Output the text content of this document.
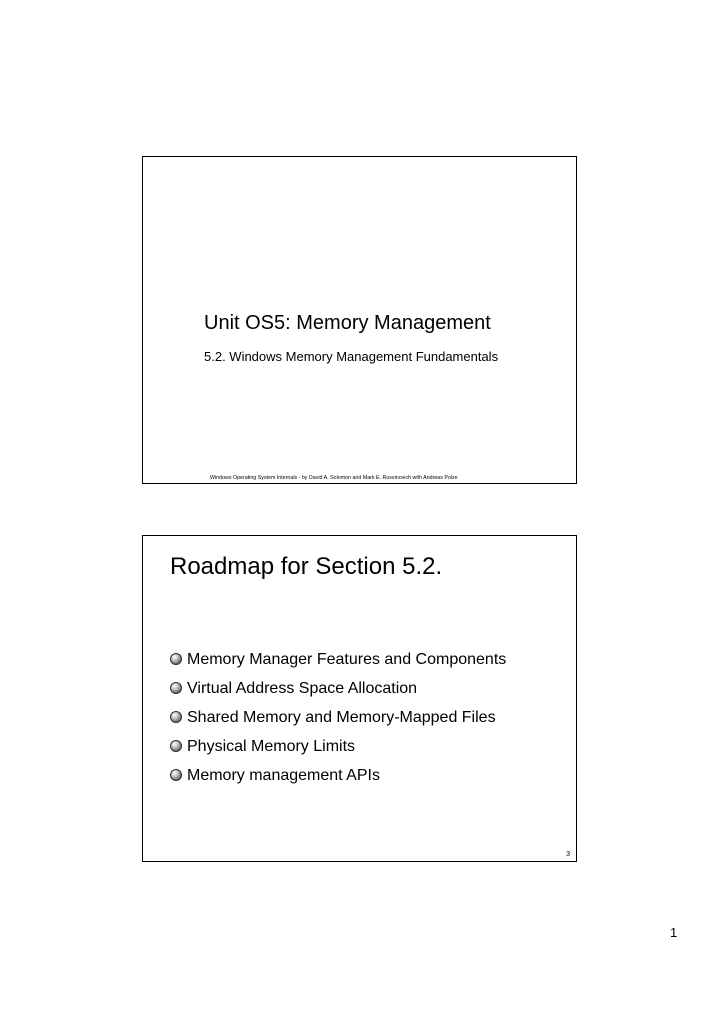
Unit OS5: Memory Management
5.2. Windows Memory Management Fundamentals
Windows Operating System Internals - by David A. Solomon and Mark E. Russinovich with Andreas Polze
Roadmap for Section 5.2.
Memory Manager Features and Components
Virtual Address Space Allocation
Shared Memory and Memory-Mapped Files
Physical Memory Limits
Memory management APIs
3
1
